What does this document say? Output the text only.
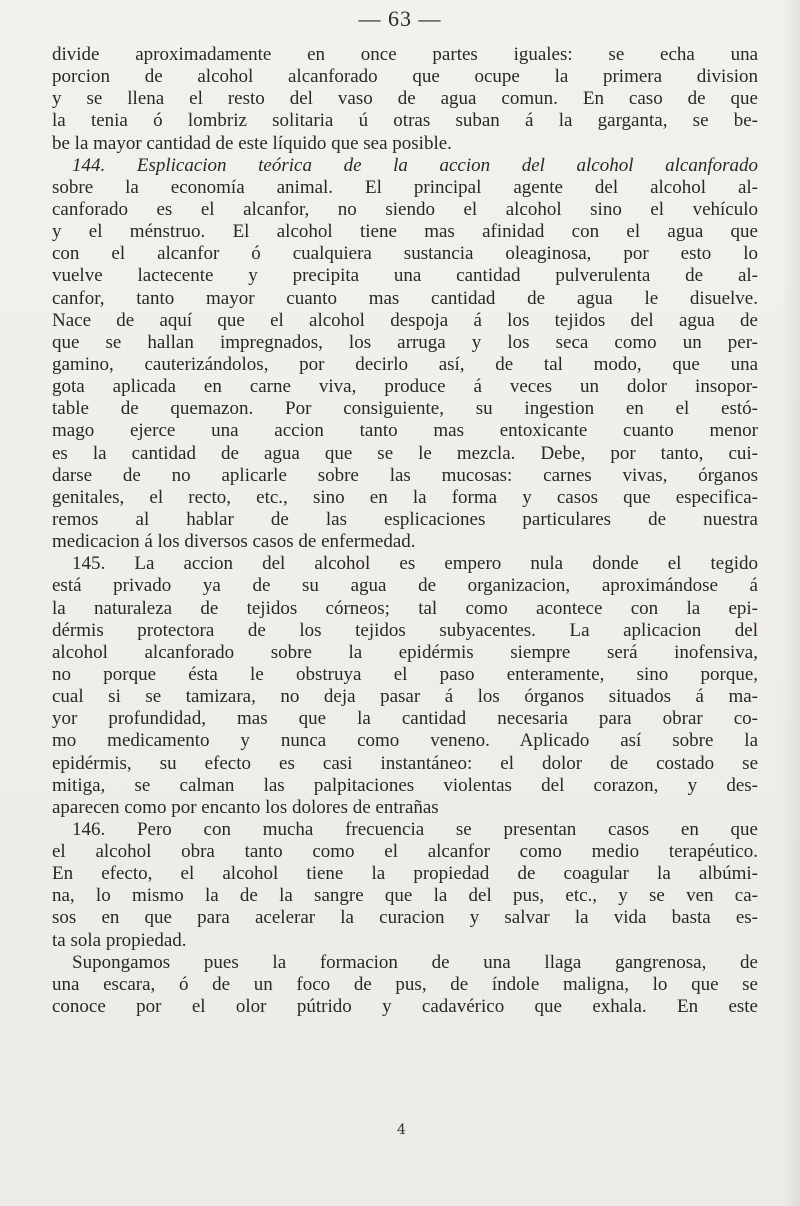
— 63 —
divide aproximadamente en once partes iguales: se echa una
porcion de alcohol alcanforado que ocupe la primera division
y se llena el resto del vaso de agua comun. En caso de que
la tenia ó lombriz solitaria ú otras suban á la garganta, se be-
be la mayor cantidad de este líquido que sea posible.
144. Esplicacion teórica de la accion del alcohol alcanforado
sobre la economía animal. El principal agente del alcohol al-
canforado es el alcanfor, no siendo el alcohol sino el vehículo
y el ménstruo. El alcohol tiene mas afinidad con el agua que
con el alcanfor ó cualquiera sustancia oleaginosa, por esto lo
vuelve lactecente y precipita una cantidad pulverulenta de al-
canfor, tanto mayor cuanto mas cantidad de agua le disuelve.
Nace de aquí que el alcohol despoja á los tejidos del agua de
que se hallan impregnados, los arruga y los seca como un per-
gamino, cauterizándolos, por decirlo así, de tal modo, que una
gota aplicada en carne viva, produce á veces un dolor insopor-
table de quemazon. Por consiguiente, su ingestion en el estó-
mago ejerce una accion tanto mas entoxicante cuanto menor
es la cantidad de agua que se le mezcla. Debe, por tanto, cui-
darse de no aplicarle sobre las mucosas: carnes vivas, órganos
genitales, el recto, etc., sino en la forma y casos que especifica-
remos al hablar de las esplicaciones particulares de nuestra
medicacion á los diversos casos de enfermedad.
145. La accion del alcohol es empero nula donde el tegido
está privado ya de su agua de organizacion, aproximándose á
la naturaleza de tejidos córneos; tal como acontece con la epi-
dérmis protectora de los tejidos subyacentes. La aplicacion del
alcohol alcanforado sobre la epidérmis siempre será inofensiva,
no porque ésta le obstruya el paso enteramente, sino porque,
cual si se tamizara, no deja pasar á los órganos situados á ma-
yor profundidad, mas que la cantidad necesaria para obrar co-
mo medicamento y nunca como veneno. Aplicado así sobre la
epidérmis, su efecto es casi instantáneo: el dolor de costado se
mitiga, se calman las palpitaciones violentas del corazon, y des-
aparecen como por encanto los dolores de entrañas
146. Pero con mucha frecuencia se presentan casos en que
el alcohol obra tanto como el alcanfor como medio terapéutico.
En efecto, el alcohol tiene la propiedad de coagular la albúmi-
na, lo mismo la de la sangre que la del pus, etc., y se ven ca-
sos en que para acelerar la curacion y salvar la vida basta es-
ta sola propiedad.
Supongamos pues la formacion de una llaga gangrenosa, de
una escara, ó de un foco de pus, de índole maligna, lo que se
conoce por el olor pútrido y cadavérico que exhala. En este
4
